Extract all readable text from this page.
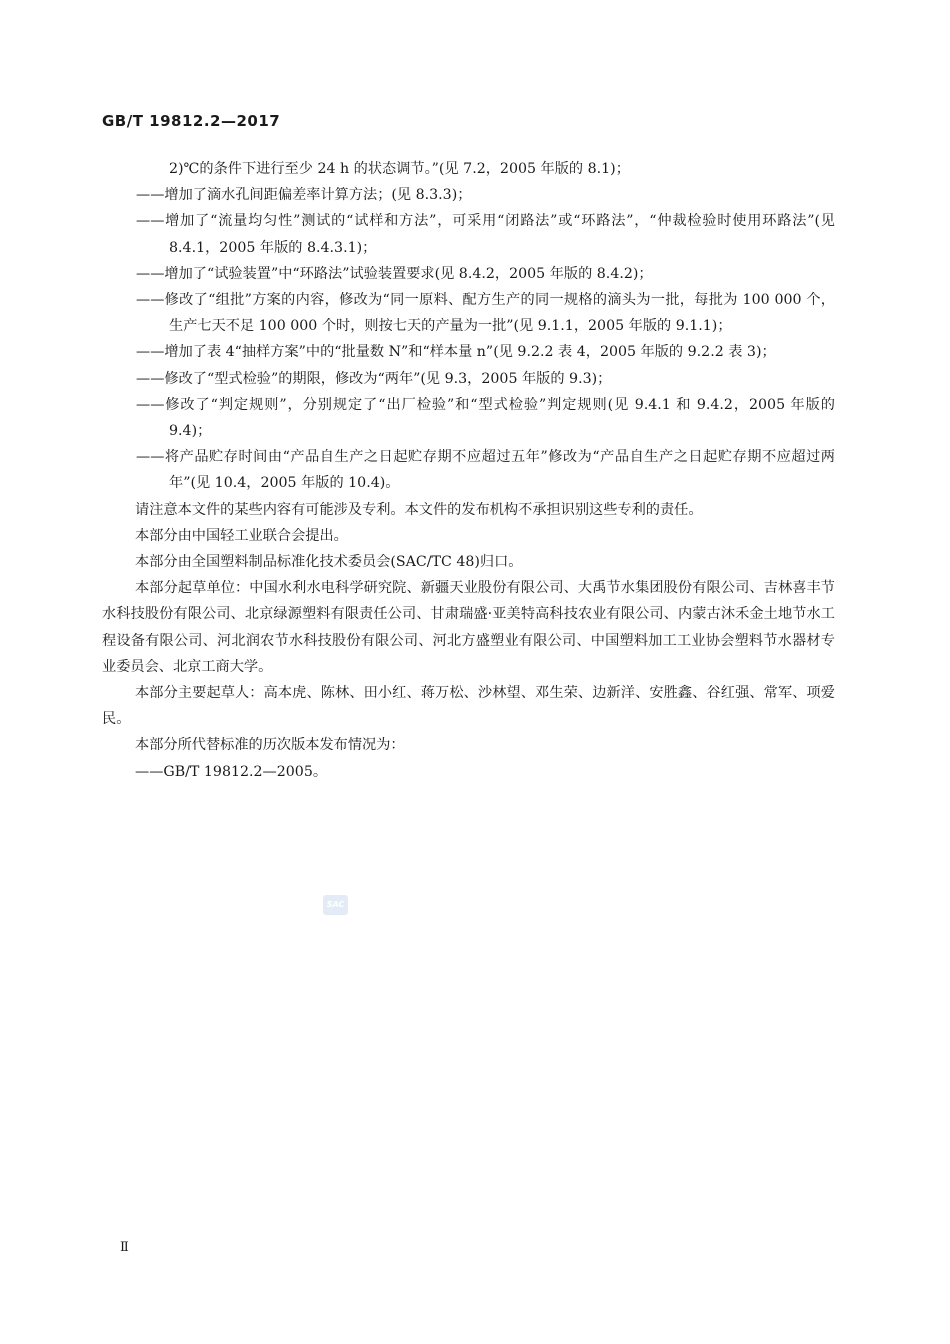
GB/T 19812.2—2017

2)℃的条件下进行至少 24 h 的状态调节。”(见 7.2，2005 年版的 8.1)；

——增加了滴水孔间距偏差率计算方法；(见 8.3.3)；

——增加了“流量均匀性”测试的“试样和方法”，可采用“闭路法”或“环路法”，“仲裁检验时使用环路法”(见 8.4.1，2005 年版的 8.4.3.1)；

——增加了“试验装置”中“环路法”试验装置要求(见 8.4.2，2005 年版的 8.4.2)；

——修改了“组批”方案的内容，修改为“同一原料、配方生产的同一规格的滴头为一批，每批为 100 000 个，生产七天不足 100 000 个时，则按七天的产量为一批”(见 9.1.1，2005 年版的 9.1.1)；

——增加了表 4“抽样方案”中的“批量数 N”和“样本量 n”(见 9.2.2 表 4，2005 年版的 9.2.2 表 3)；

——修改了“型式检验”的期限，修改为“两年”(见 9.3，2005 年版的 9.3)；

——修改了“判定规则”，分别规定了“出厂检验”和“型式检验”判定规则(见 9.4.1 和 9.4.2，2005 年版的 9.4)；

——将产品贮存时间由“产品自生产之日起贮存期不应超过五年”修改为“产品自生产之日起贮存期不应超过两年”(见 10.4，2005 年版的 10.4)。

请注意本文件的某些内容有可能涉及专利。本文件的发布机构不承担识别这些专利的责任。

本部分由中国轻工业联合会提出。

本部分由全国塑料制品标准化技术委员会(SAC/TC 48)归口。

本部分起草单位：中国水利水电科学研究院、新疆天业股份有限公司、大禹节水集团股份有限公司、吉林喜丰节水科技股份有限公司、北京绿源塑料有限责任公司、甘肃瑞盛·亚美特高科技农业有限公司、内蒙古沐禾金土地节水工程设备有限公司、河北润农节水科技股份有限公司、河北方盛塑业有限公司、中国塑料加工工业协会塑料节水器材专业委员会、北京工商大学。

本部分主要起草人：高本虎、陈林、田小红、蒋万松、沙林望、邓生荣、边新洋、安胜鑫、谷红强、常军、项爱民。

本部分所代替标准的历次版本发布情况为：

——GB/T 19812.2—2005。

SAC
Ⅱ
